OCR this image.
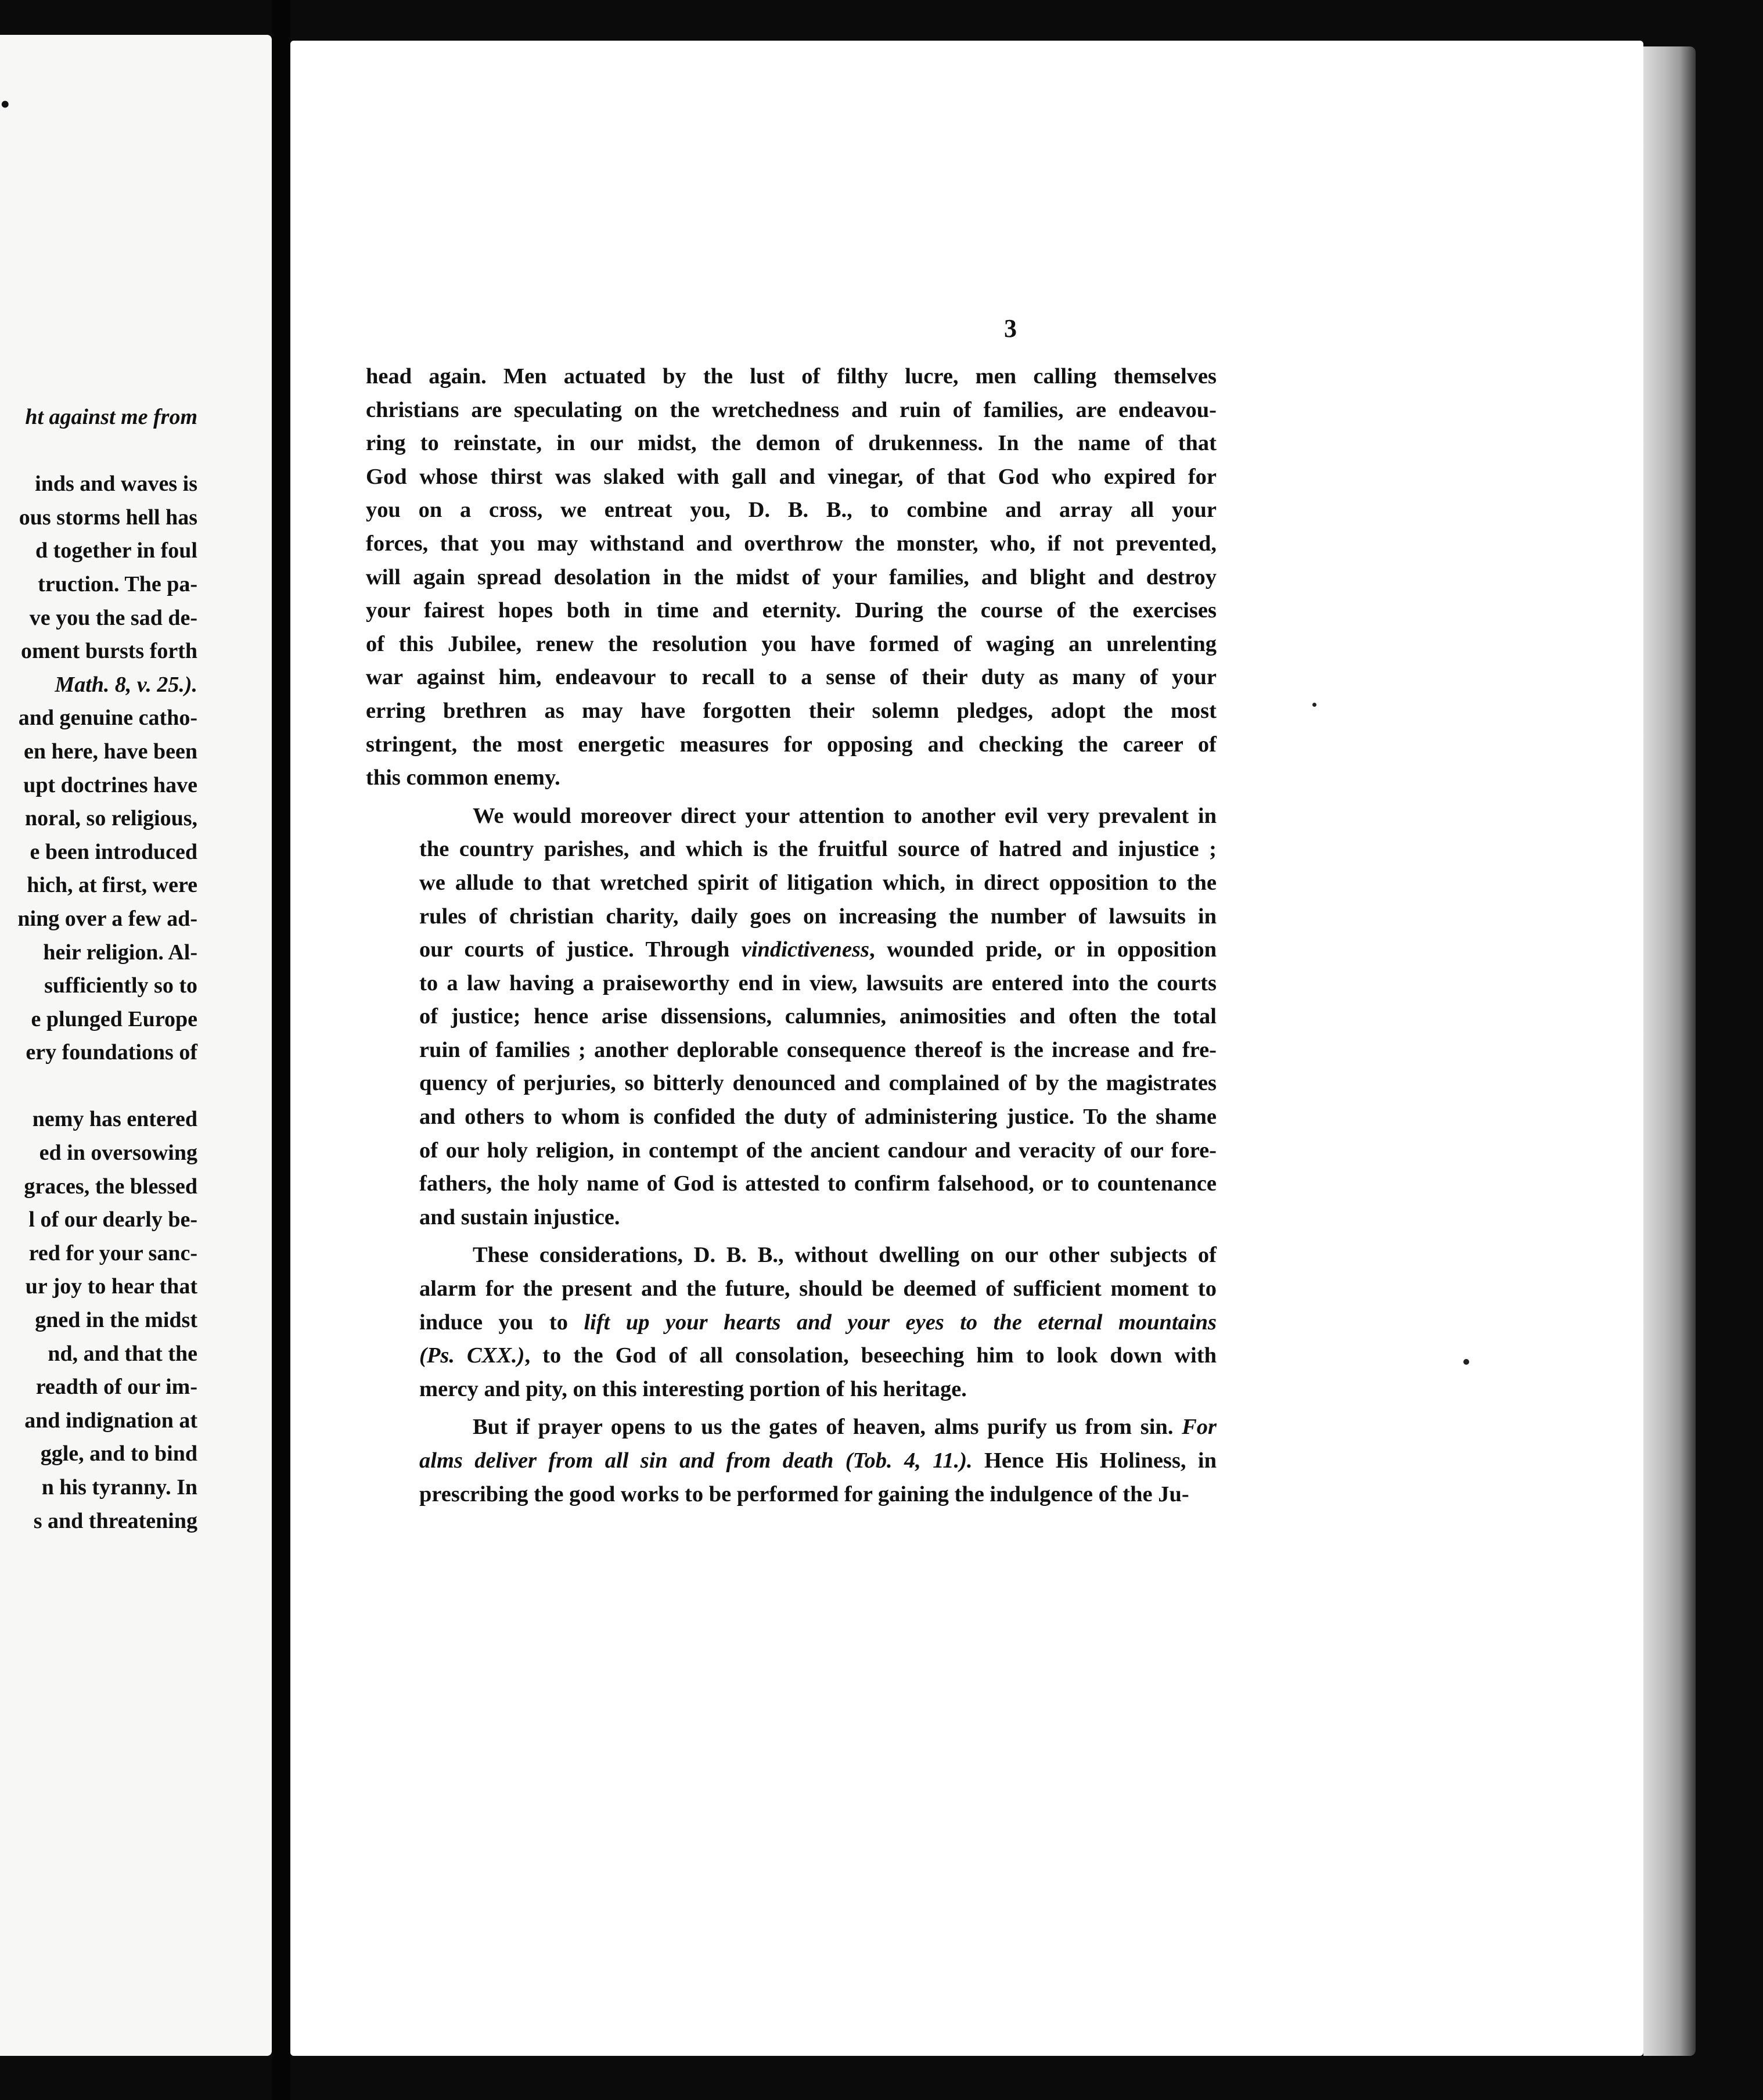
•
ht against me from
inds and waves is
ous storms hell has
d together in foul
truction. The pa-
ve you the sad de-
oment bursts forth
Math. 8, v. 25.).
and genuine catho-
en here, have been
upt doctrines have
noral, so religious,
e been introduced
hich, at first, were
ning over a few ad-
heir religion. Al-
sufficiently so to
e plunged Europe
ery foundations of
nemy has entered
ed in oversowing
graces, the blessed
l of our dearly be-
red for your sanc-
ur joy to hear that
gned in the midst
nd, and that the
readth of our im-
and indignation at
ggle, and to bind
n his tyranny. In
s and threatening
3

head again. Men actuated by the lust of filthy lucre, men calling themselves
christians are speculating on the wretchedness and ruin of families, are endeavou-
ring to reinstate, in our midst, the demon of drukenness. In the name of that
God whose thirst was slaked with gall and vinegar, of that God who expired for
you on a cross, we entreat you, D. B. B., to combine and array all your
forces, that you may withstand and overthrow the monster, who, if not prevented,
will again spread desolation in the midst of your families, and blight and destroy
your fairest hopes both in time and eternity. During the course of the exercises
of this Jubilee, renew the resolution you have formed of waging an unrelenting
war against him, endeavour to recall to a sense of their duty as many of your
erring brethren as may have forgotten their solemn pledges, adopt the most
stringent, the most energetic measures for opposing and checking the career of
this common enemy.

We would moreover direct your attention to another evil very prevalent in
the country parishes, and which is the fruitful source of hatred and injustice ;
we allude to that wretched spirit of litigation which, in direct opposition to the
rules of christian charity, daily goes on increasing the number of lawsuits in
our courts of justice. Through vindictiveness, wounded pride, or in opposition
to a law having a praiseworthy end in view, lawsuits are entered into the courts
of justice; hence arise dissensions, calumnies, animosities and often the total
ruin of families ; another deplorable consequence thereof is the increase and fre-
quency of perjuries, so bitterly denounced and complained of by the magistrates
and others to whom is confided the duty of administering justice. To the shame
of our holy religion, in contempt of the ancient candour and veracity of our fore-
fathers, the holy name of God is attested to confirm falsehood, or to countenance
and sustain injustice.

These considerations, D. B. B., without dwelling on our other subjects of
alarm for the present and the future, should be deemed of sufficient moment to
induce you to lift up your hearts and your eyes to the eternal mountains
(Ps. CXX.), to the God of all consolation, beseeching him to look down with
mercy and pity, on this interesting portion of his heritage.

But if prayer opens to us the gates of heaven, alms purify us from sin. For
alms deliver from all sin and from death (Tob. 4, 11.). Hence His Holiness, in
prescribing the good works to be performed for gaining the indulgence of the Ju-
